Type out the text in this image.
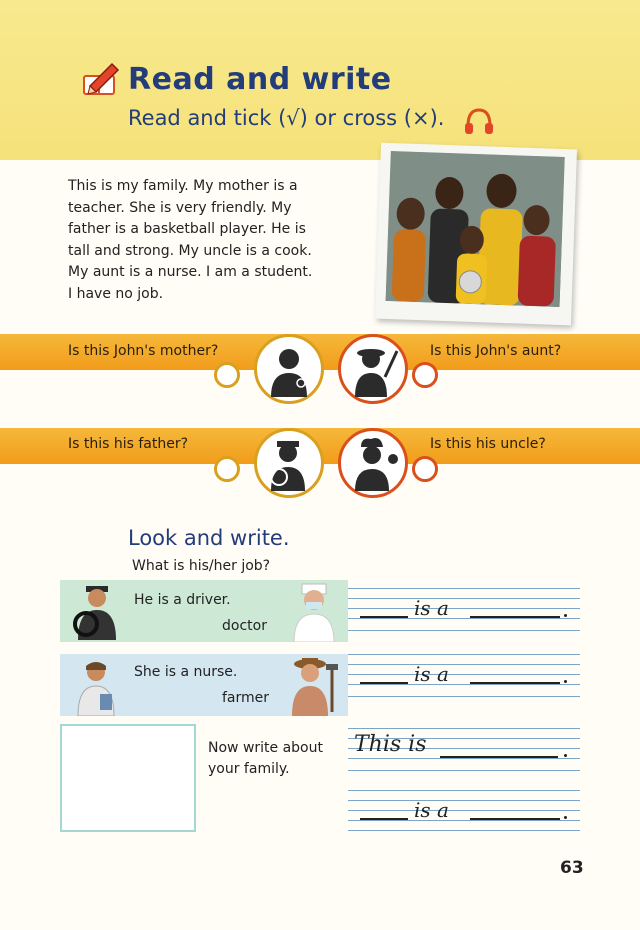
Read and write
Read and tick (√) or cross (×).
This is my family. My mother is a
teacher. She is very friendly. My
father is a basketball player. He is
tall and strong. My uncle is a cook.
My aunt is a nurse. I am a student.
I have no job.
Is this John's mother?	Is this John's aunt?
Is this his father?	Is this his uncle?
Look and write.
What is his/her job?
He is a driver.
doctor
She is a nurse.
farmer
is a
is a
This is
is a
Now write about your family.
63
